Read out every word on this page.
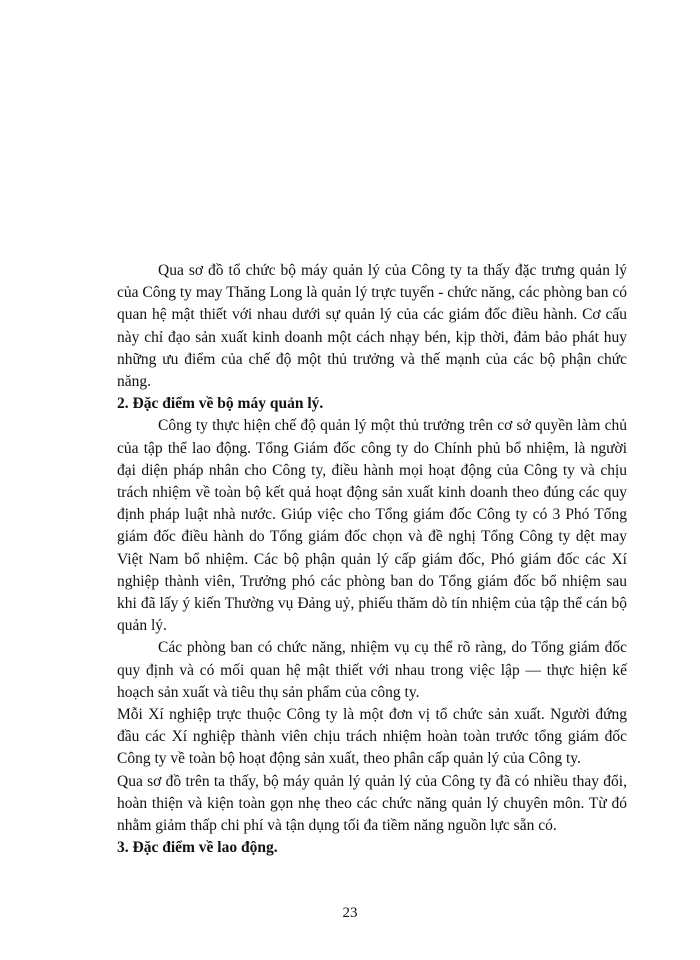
Qua sơ đồ tổ chức bộ máy quản lý của Công ty ta thấy đặc trưng quản lý của Công ty may Thăng Long là quản lý trực tuyến - chức năng, các phòng ban có quan hệ mật thiết với nhau dưới sự quản lý của các giám đốc điều hành. Cơ cấu này chỉ đạo sản xuất kinh doanh một cách nhạy bén, kịp thời, đảm bảo phát huy những ưu điểm của chế độ một thủ trưởng và thế mạnh của các bộ phận chức năng.

2. Đặc điểm về bộ máy quản lý.

Công ty thực hiện chế độ quản lý một thủ trưởng trên cơ sở quyền làm chủ của tập thể lao động. Tổng Giám đốc công ty do Chính phủ bổ nhiệm, là người đại diện pháp nhân cho Công ty, điều hành mọi hoạt động của Công ty và chịu trách nhiệm về toàn bộ kết quả hoạt động sản xuất kinh doanh theo đúng các quy định pháp luật nhà nước. Giúp việc cho Tổng giám đốc Công ty có 3 Phó Tổng giám đốc điều hành do Tổng giám đốc chọn và đề nghị Tổng Công ty dệt may Việt Nam bổ nhiệm. Các bộ phận quản lý cấp giám đốc, Phó giám đốc các Xí nghiệp thành viên, Trưởng phó các phòng ban do Tổng giám đốc bổ nhiệm sau khi đã lấy ý kiến Thường vụ Đảng uỷ, phiếu thăm dò tín nhiệm của tập thể cán bộ quản lý.

Các phòng ban có chức năng, nhiệm vụ cụ thể rõ ràng, do Tổng giám đốc quy định và có mối quan hệ mật thiết với nhau trong việc lập — thực hiện kế hoạch sản xuất và tiêu thụ sản phẩm của công ty.

Mỗi Xí nghiệp trực thuộc Công ty là một đơn vị tổ chức sản xuất. Người đứng đầu các Xí nghiệp thành viên chịu trách nhiệm hoàn toàn trước tổng giám đốc Công ty về toàn bộ hoạt động sản xuất, theo phân cấp quản lý của Công ty.

Qua sơ đồ trên ta thấy, bộ máy quản lý quản lý của Công ty đã có nhiều thay đổi, hoàn thiện và kiện toàn gọn nhẹ theo các chức năng quản lý chuyên môn. Từ đó nhằm giảm thấp chi phí và tận dụng tối đa tiềm năng nguồn lực sẵn có.

3. Đặc điểm về lao động.

23
